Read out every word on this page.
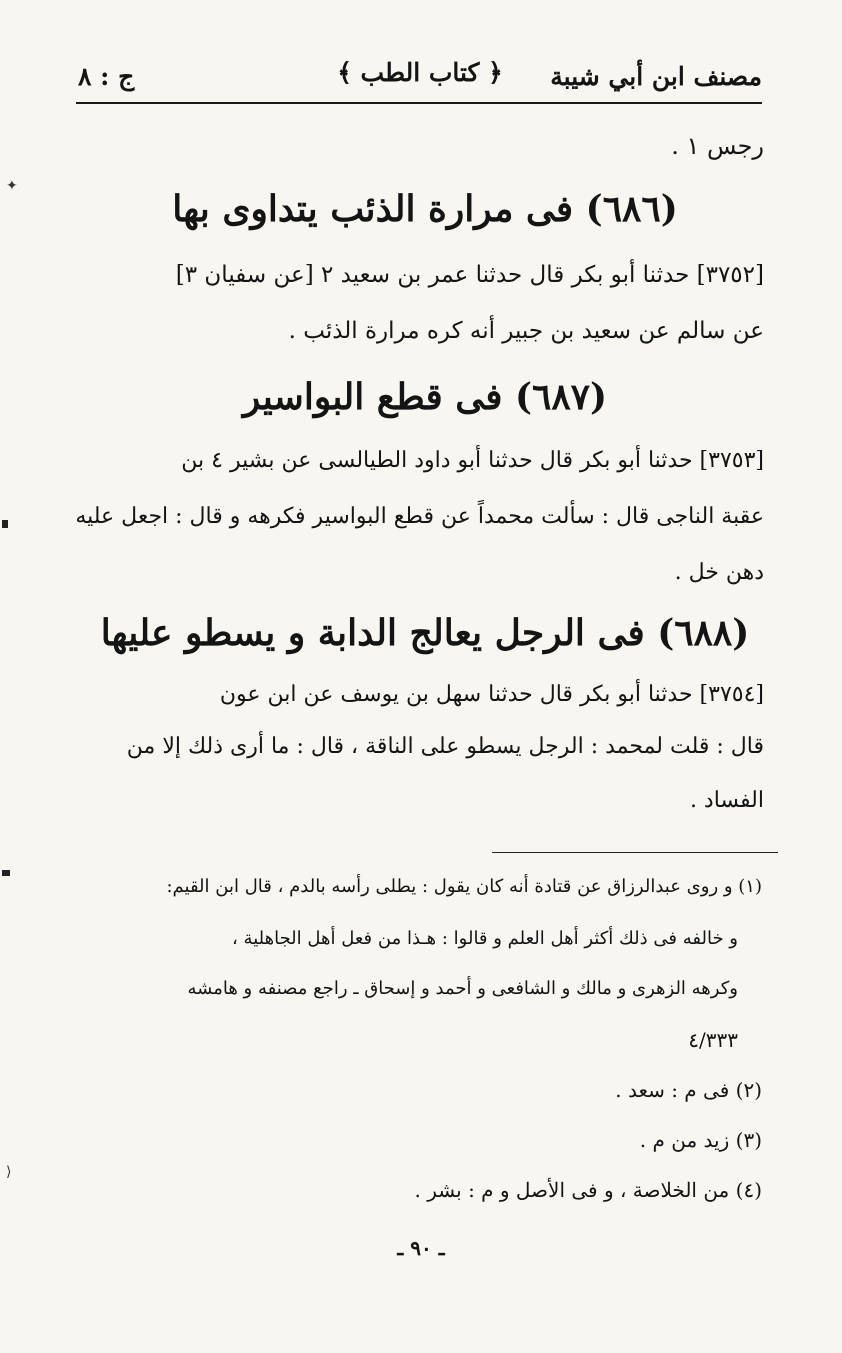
مصنف ابن أبي شيبة
﴿ كتاب الطب ﴾
ج : ٨
رجس ١ .
(٦٨٦) فى مرارة الذئب يتداوى بها
[٣٧٥٢] حدثنا أبو بكر قال حدثنا عمر بن سعيد ٢ [عن سفيان ٣]
عن سالم عن سعيد بن جبير أنه كره مرارة الذئب .
(٦٨٧) فى قطع البواسير
[٣٧٥٣] حدثنا أبو بكر قال حدثنا أبو داود الطيالسى عن بشير ٤ بن
عقبة الناجى قال : سألت محمداً عن قطع البواسير فكرهه و قال : اجعل عليه
دهن خل .
(٦٨٨) فى الرجل يعالج الدابة و يسطو عليها
[٣٧٥٤] حدثنا أبو بكر قال حدثنا سهل بن يوسف عن ابن عون
قال : قلت لمحمد : الرجل يسطو على الناقة ، قال : ما أرى ذلك إلا من
الفساد .
(١) و روى عبدالرزاق عن قتادة أنه كان يقول : يطلى رأسه بالدم ، قال ابن القيم:
و خالفه فى ذلك أكثر أهل العلم و قالوا : هـذا من فعل أهل الجاهلية ،
وكرهه الزهرى و مالك و الشافعى و أحمد و إسحاق ـ راجع مصنفه و هامشه
٤/٣٣٣
(٢) فى م : سعد .
(٣) زيد من م .
(٤) من الخلاصة ، و فى الأصل و م : بشر .
ـ ٩٠ ـ
✦
⟩
